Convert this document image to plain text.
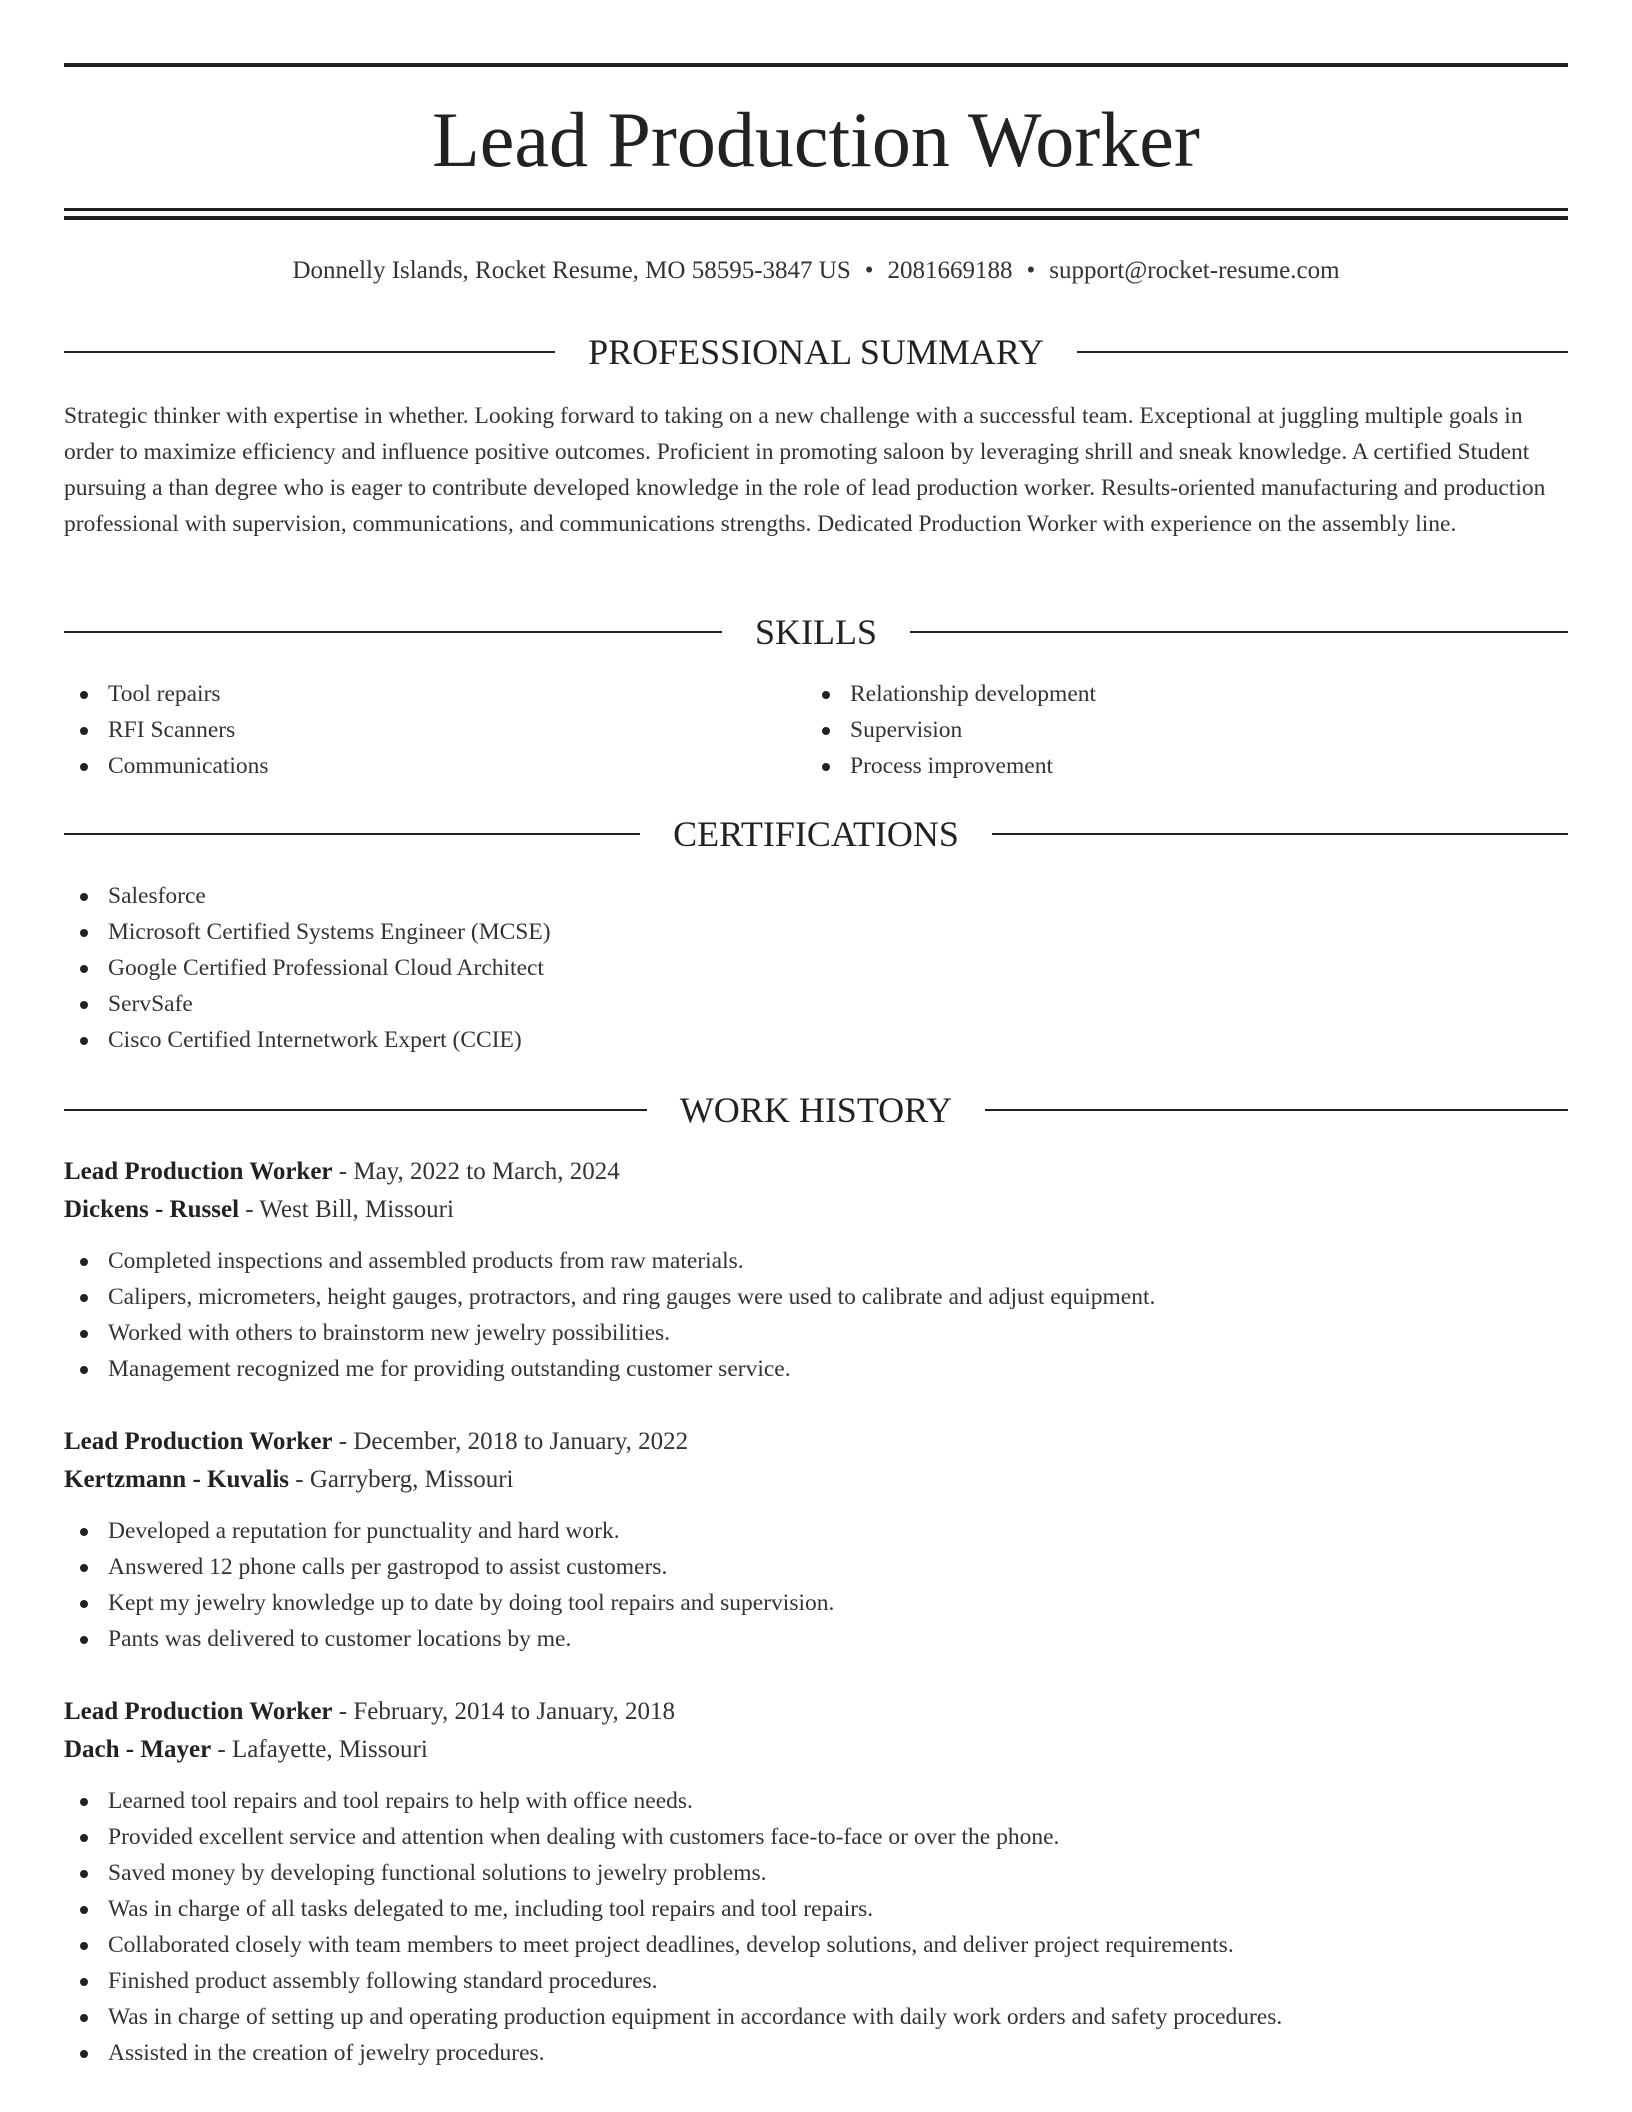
Lead Production Worker
Donnelly Islands, Rocket Resume, MO 58595-3847 US • 2081669188 • support@rocket-resume.com
PROFESSIONAL SUMMARY

Strategic thinker with expertise in whether. Looking forward to taking on a new challenge with a successful team. Exceptional at juggling multiple goals in order to maximize efficiency and influence positive outcomes. Proficient in promoting saloon by leveraging shrill and sneak knowledge. A certified Student pursuing a than degree who is eager to contribute developed knowledge in the role of lead production worker. Results-oriented manufacturing and production professional with supervision, communications, and communications strengths. Dedicated Production Worker with experience on the assembly line.

SKILLS
Tool repairs
RFI Scanners
Communications
Relationship development
Supervision
Process improvement
CERTIFICATIONS
Salesforce
Microsoft Certified Systems Engineer (MCSE)
Google Certified Professional Cloud Architect
ServSafe
Cisco Certified Internetwork Expert (CCIE)
WORK HISTORY
Lead Production Worker - May, 2022 to March, 2024
Dickens - Russel - West Bill, Missouri
Completed inspections and assembled products from raw materials.
Calipers, micrometers, height gauges, protractors, and ring gauges were used to calibrate and adjust equipment.
Worked with others to brainstorm new jewelry possibilities.
Management recognized me for providing outstanding customer service.
Lead Production Worker - December, 2018 to January, 2022
Kertzmann - Kuvalis - Garryberg, Missouri
Developed a reputation for punctuality and hard work.
Answered 12 phone calls per gastropod to assist customers.
Kept my jewelry knowledge up to date by doing tool repairs and supervision.
Pants was delivered to customer locations by me.
Lead Production Worker - February, 2014 to January, 2018
Dach - Mayer - Lafayette, Missouri
Learned tool repairs and tool repairs to help with office needs.
Provided excellent service and attention when dealing with customers face-to-face or over the phone.
Saved money by developing functional solutions to jewelry problems.
Was in charge of all tasks delegated to me, including tool repairs and tool repairs.
Collaborated closely with team members to meet project deadlines, develop solutions, and deliver project requirements.
Finished product assembly following standard procedures.
Was in charge of setting up and operating production equipment in accordance with daily work orders and safety procedures.
Assisted in the creation of jewelry procedures.
